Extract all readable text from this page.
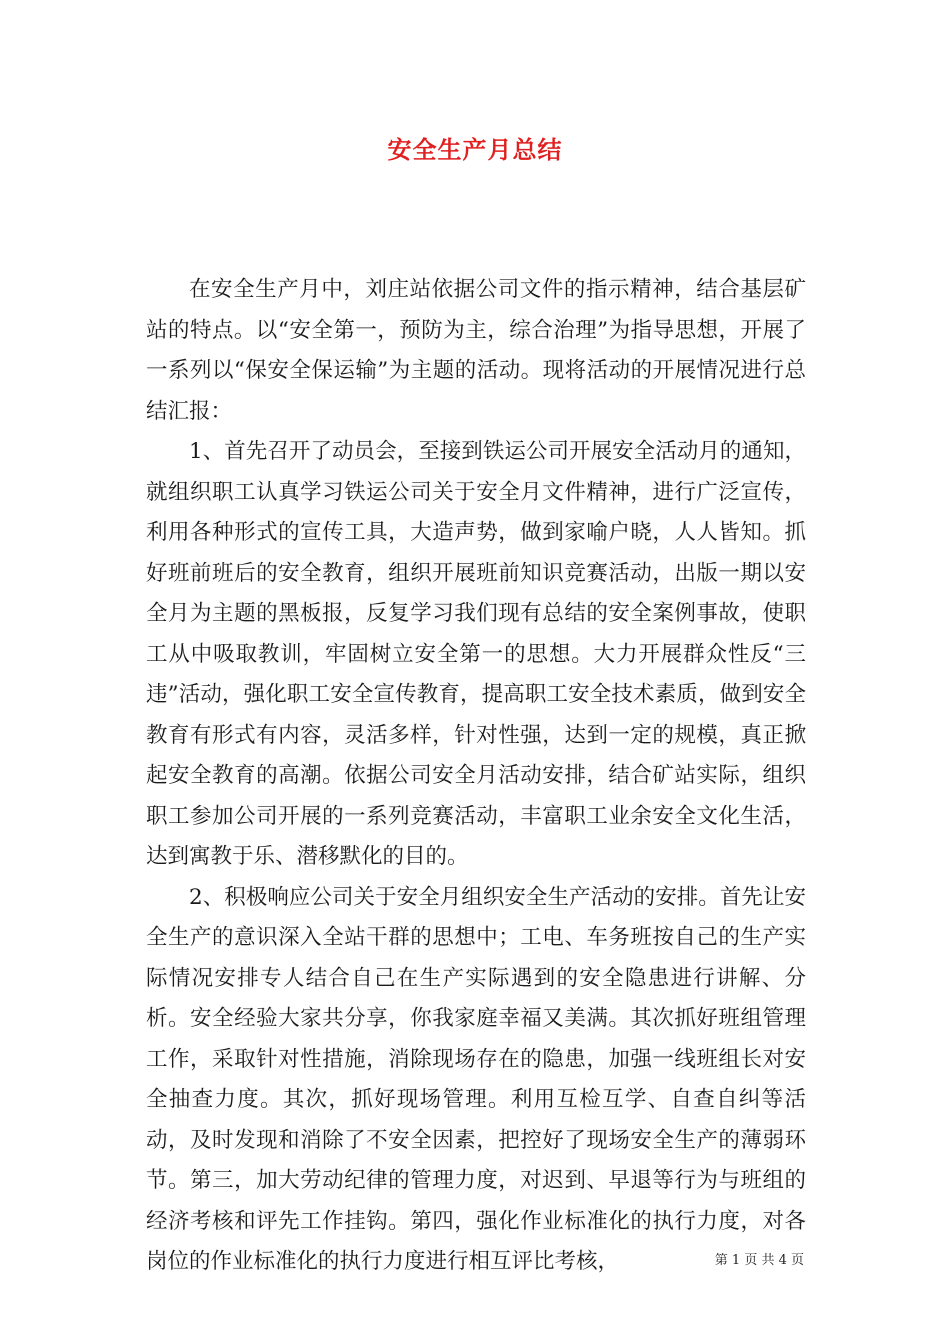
安全生产月总结

在安全生产月中，刘庄站依据公司文件的指示精神，结合基层矿站的特点。以“安全第一，预防为主，综合治理”为指导思想，开展了一系列以“保安全保运输”为主题的活动。现将活动的开展情况进行总结汇报：

1、首先召开了动员会，至接到铁运公司开展安全活动月的通知，就组织职工认真学习铁运公司关于安全月文件精神，进行广泛宣传，利用各种形式的宣传工具，大造声势，做到家喻户晓，人人皆知。抓好班前班后的安全教育，组织开展班前知识竞赛活动，出版一期以安全月为主题的黑板报，反复学习我们现有总结的安全案例事故，使职工从中吸取教训，牢固树立安全第一的思想。大力开展群众性反“三违”活动，强化职工安全宣传教育，提高职工安全技术素质，做到安全教育有形式有内容，灵活多样，针对性强，达到一定的规模，真正掀起安全教育的高潮。依据公司安全月活动安排，结合矿站实际，组织职工参加公司开展的一系列竞赛活动，丰富职工业余安全文化生活，达到寓教于乐、潜移默化的目的。

2、积极响应公司关于安全月组织安全生产活动的安排。首先让安全生产的意识深入全站干群的思想中；工电、车务班按自己的生产实际情况安排专人结合自己在生产实际遇到的安全隐患进行讲解、分析。安全经验大家共分享，你我家庭幸福又美满。其次抓好班组管理工作，采取针对性措施，消除现场存在的隐患，加强一线班组长对安全抽查力度。其次，抓好现场管理。利用互检互学、自查自纠等活动，及时发现和消除了不安全因素，把控好了现场安全生产的薄弱环节。第三，加大劳动纪律的管理力度，对迟到、早退等行为与班组的经济考核和评先工作挂钩。第四，强化作业标准化的执行力度，对各岗位的作业标准化的执行力度进行相互评比考核，	第 1 页 共 4 页
